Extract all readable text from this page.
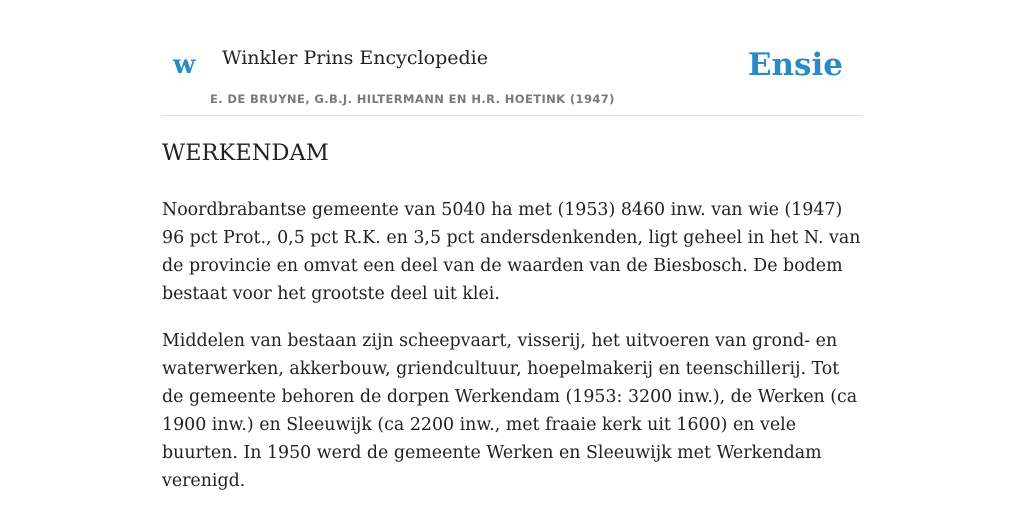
w Winkler Prins Encyclopedie
E. DE BRUYNE, G.B.J. HILTERMANN EN H.R. HOETINK (1947)
Ensie
WERKENDAM

Noordbrabantse gemeente van 5040 ha met (1953) 8460 inw. van wie (1947) 96 pct Prot., 0,5 pct R.K. en 3,5 pct andersdenkenden, ligt geheel in het N. van de provincie en omvat een deel van de waarden van de Biesbosch. De bodem bestaat voor het grootste deel uit klei.

Middelen van bestaan zijn scheepvaart, visserij, het uitvoeren van grond- en waterwerken, akkerbouw, griendcultuur, hoepelmakerij en teenschillerij. Tot de gemeente behoren de dorpen Werkendam (1953: 3200 inw.), de Werken (ca 1900 inw.) en Sleeuwijk (ca 2200 inw., met fraaie kerk uit 1600) en vele buurten. In 1950 werd de gemeente Werken en Sleeuwijk met Werkendam verenigd.
